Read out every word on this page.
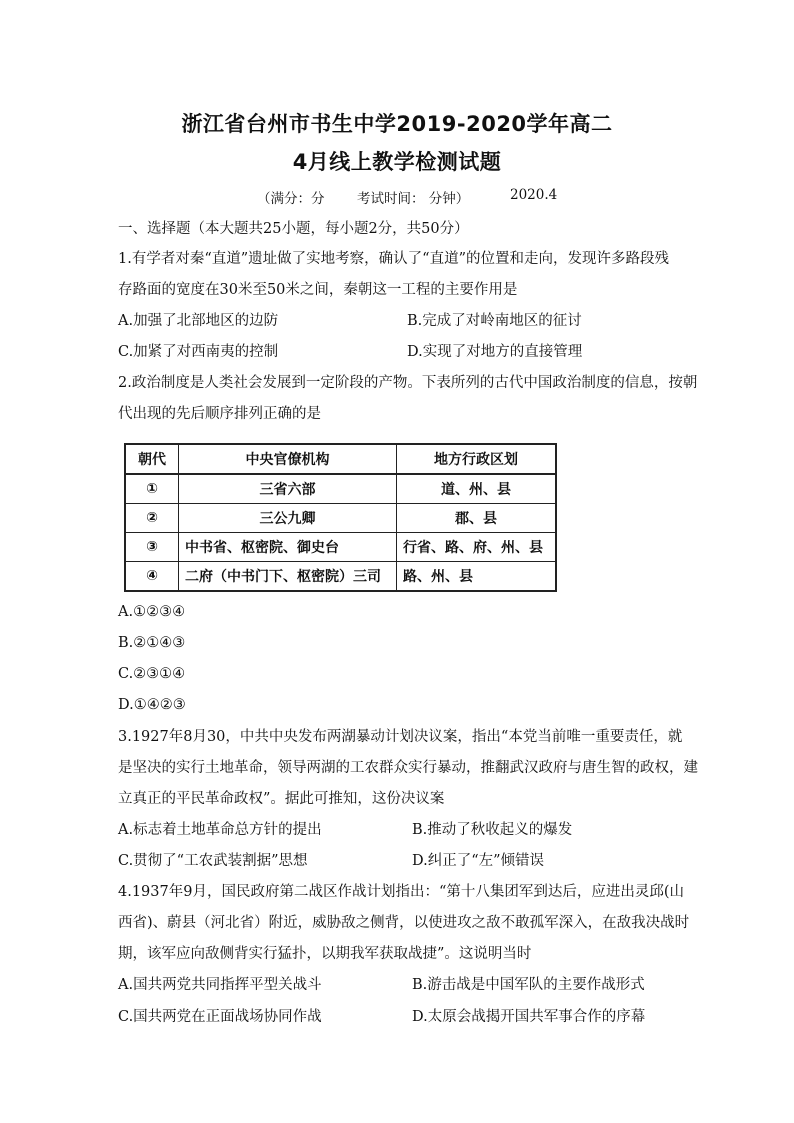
浙江省台州市书生中学2019-2020学年高二
4月线上教学检测试题
（满分：分 考试时间： 分钟）	2020.4
一、选择题（本大题共25小题，每小题2分，共50分）
1.有学者对秦“直道”遗址做了实地考察，确认了“直道”的位置和走向，发现许多路段残
存路面的宽度在30米至50米之间，秦朝这一工程的主要作用是
A.加强了北部地区的边防	B.完成了对岭南地区的征讨
C.加紧了对西南夷的控制	D.实现了对地方的直接管理
2.政治制度是人类社会发展到一定阶段的产物。下表所列的古代中国政治制度的信息，按朝
代出现的先后顺序排列正确的是
朝代	中央官僚机构	地方行政区划
①	三省六部	道、州、县
②	三公九卿	郡、县
③	中书省、枢密院、御史台	行省、路、府、州、县
④	二府（中书门下、枢密院）三司	路、州、县
A.①②③④
B.②①④③
C.②③①④
D.①④②③
3.1927年8月30，中共中央发布两湖暴动计划决议案，指出“本党当前唯一重要责任，就
是坚决的实行土地革命，领导两湖的工农群众实行暴动，推翻武汉政府与唐生智的政权，建
立真正的平民革命政权”。据此可推知，这份决议案
A.标志着土地革命总方针的提出	B.推动了秋收起义的爆发
C.贯彻了“工农武装割据”思想	D.纠正了“左”倾错误
4.1937年9月，国民政府第二战区作战计划指出：“第十八集团军到达后，应进出灵邱(山
西省)、蔚县（河北省）附近，威胁敌之侧背，以使进攻之敌不敢孤军深入，在敌我决战时
期，该军应向敌侧背实行猛扑，以期我军获取战捷”。这说明当时
A.国共两党共同指挥平型关战斗	B.游击战是中国军队的主要作战形式
C.国共两党在正面战场协同作战	D.太原会战揭开国共军事合作的序幕
